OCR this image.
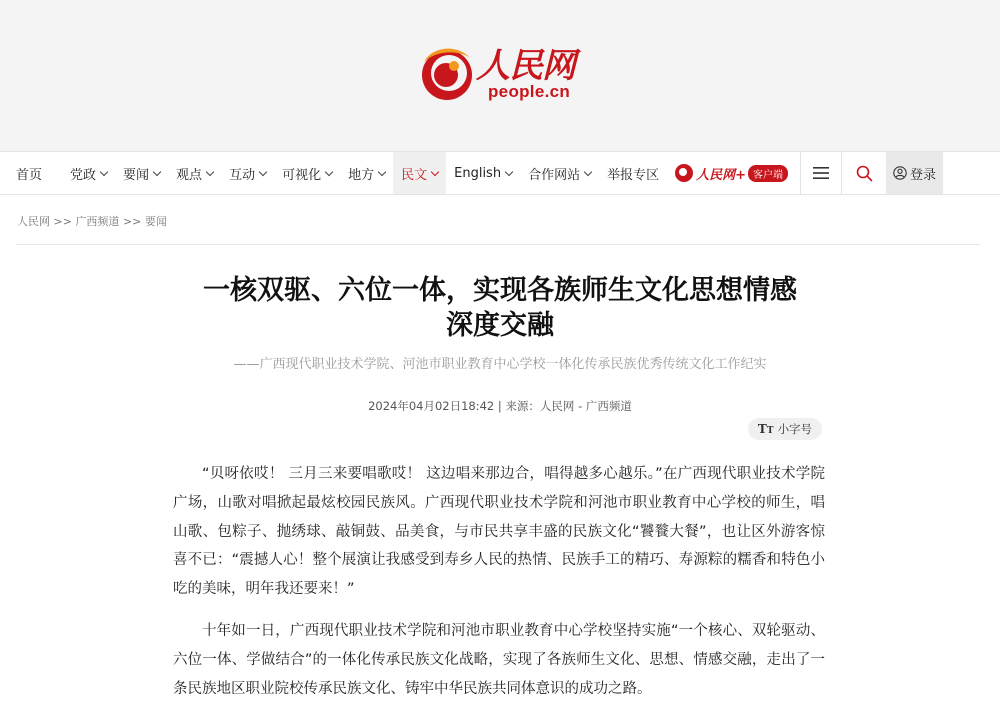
人民网
people.cn
首页 党政 要闻 观点 互动 可视化 地方 民文 English 合作网站 举报专区	人民网+ 客户端	登录
人民网 >> 广西频道 >> 要闻
一核双驱、六位一体，实现各族师生文化思想情感
深度交融
——广西现代职业技术学院、河池市职业教育中心学校一体化传承民族优秀传统文化工作纪实
2024年04月02日18:42 | 来源：人民网 - 广西频道
TT 小字号

“贝呀依哎！ 三月三来要唱歌哎！ 这边唱来那边合，唱得越多心越乐。”在广西现代职业技术学院广场，山歌对唱掀起最炫校园民族风。广西现代职业技术学院和河池市职业教育中心学校的师生，唱山歌、包粽子、抛绣球、敲铜鼓、品美食，与市民共享丰盛的民族文化“饕餮大餐”，也让区外游客惊喜不已：“震撼人心！整个展演让我感受到寿乡人民的热情、民族手工的精巧、寿源粽的糯香和特色小吃的美味，明年我还要来！”

十年如一日，广西现代职业技术学院和河池市职业教育中心学校坚持实施“一个核心、双轮驱动、六位一体、学做结合”的一体化传承民族文化战略，实现了各族师生文化、思想、情感交融，走出了一条民族地区职业院校传承民族文化、铸牢中华民族共同体意识的成功之路。
